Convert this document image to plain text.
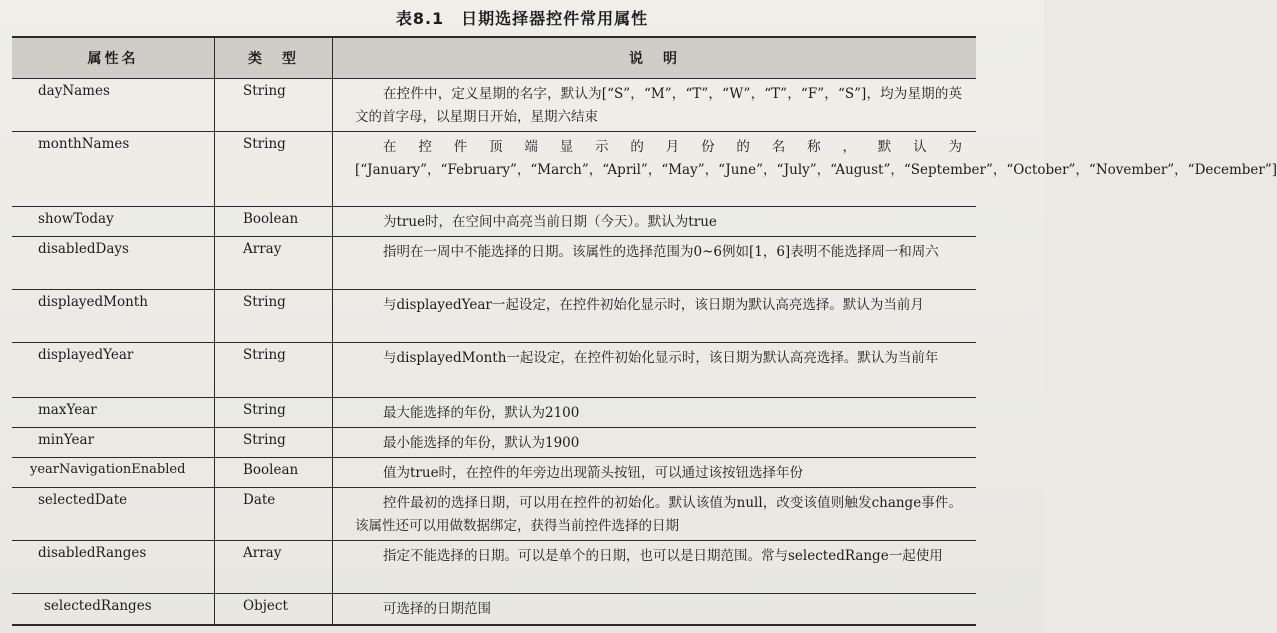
表8.1　日期选择器控件常用属性
属性名	类　型	说　明
dayNames	String	在控件中，定义星期的名字，默认为[“S”，“M”，“T”，“W”，“T”，“F”，“S”]，均为星期的英文的首字母，以星期日开始，星期六结束
monthNames	String	在控件顶端显示的月份的名称，默认为[“January”，“February”，“March”，“April”，“May”，“June”，“July”，“August”，“September”，“October”，“November”，“December”]
showToday	Boolean	为true时，在空间中高亮当前日期（今天）。默认为true
disabledDays	Array	指明在一周中不能选择的日期。该属性的选择范围为0~6例如[1，6]表明不能选择周一和周六
displayedMonth	String	与displayedYear一起设定，在控件初始化显示时，该日期为默认高亮选择。默认为当前月
displayedYear	String	与displayedMonth一起设定，在控件初始化显示时，该日期为默认高亮选择。默认为当前年
maxYear	String	最大能选择的年份，默认为2100
minYear	String	最小能选择的年份，默认为1900
yearNavigationEnabled	Boolean	值为true时，在控件的年旁边出现箭头按钮，可以通过该按钮选择年份
selectedDate	Date	控件最初的选择日期，可以用在控件的初始化。默认该值为null，改变该值则触发change事件。该属性还可以用做数据绑定，获得当前控件选择的日期
disabledRanges	Array	指定不能选择的日期。可以是单个的日期，也可以是日期范围。常与selectedRange一起使用
selectedRanges	Object	可选择的日期范围
